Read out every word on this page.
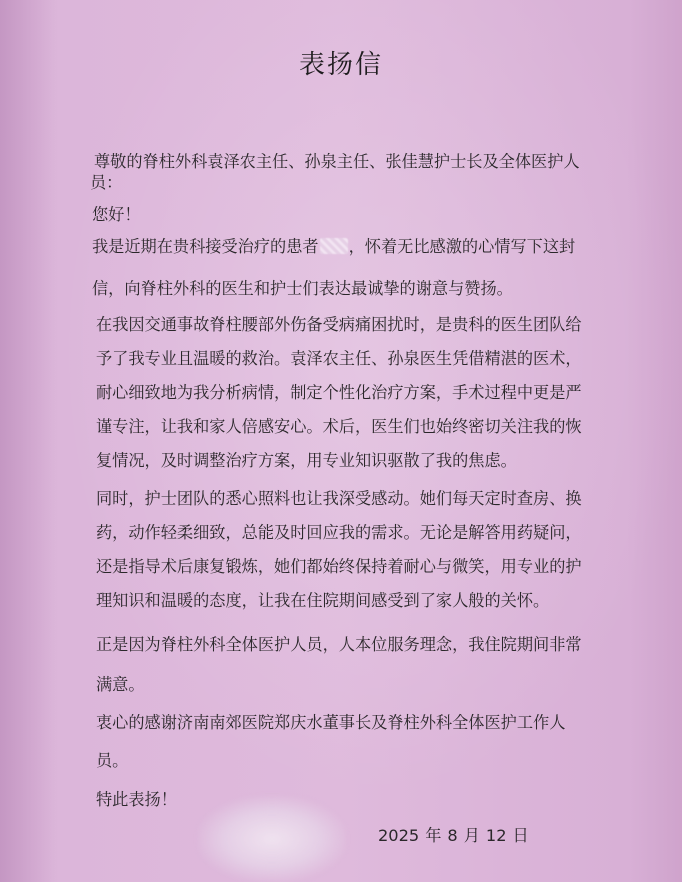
表扬信
尊敬的脊柱外科袁泽农主任、孙泉主任、张佳慧护士长及全体医护人
员：
您好！
我是近期在贵科接受治疗的患者 ，怀着无比感激的心情写下这封
信，向脊柱外科的医生和护士们表达最诚挚的谢意与赞扬。
在我因交通事故脊柱腰部外伤备受病痛困扰时，是贵科的医生团队给
予了我专业且温暖的救治。袁泽农主任、孙泉医生凭借精湛的医术，
耐心细致地为我分析病情，制定个性化治疗方案，手术过程中更是严
谨专注，让我和家人倍感安心。术后，医生们也始终密切关注我的恢
复情况，及时调整治疗方案，用专业知识驱散了我的焦虑。
同时，护士团队的悉心照料也让我深受感动。她们每天定时查房、换
药，动作轻柔细致，总能及时回应我的需求。无论是解答用药疑问，
还是指导术后康复锻炼，她们都始终保持着耐心与微笑，用专业的护
理知识和温暖的态度，让我在住院期间感受到了家人般的关怀。
正是因为脊柱外科全体医护人员，人本位服务理念，我住院期间非常
满意。
衷心的感谢济南南郊医院郑庆水董事长及脊柱外科全体医护工作人
员。
特此表扬！
2025 年 8 月 12 日
